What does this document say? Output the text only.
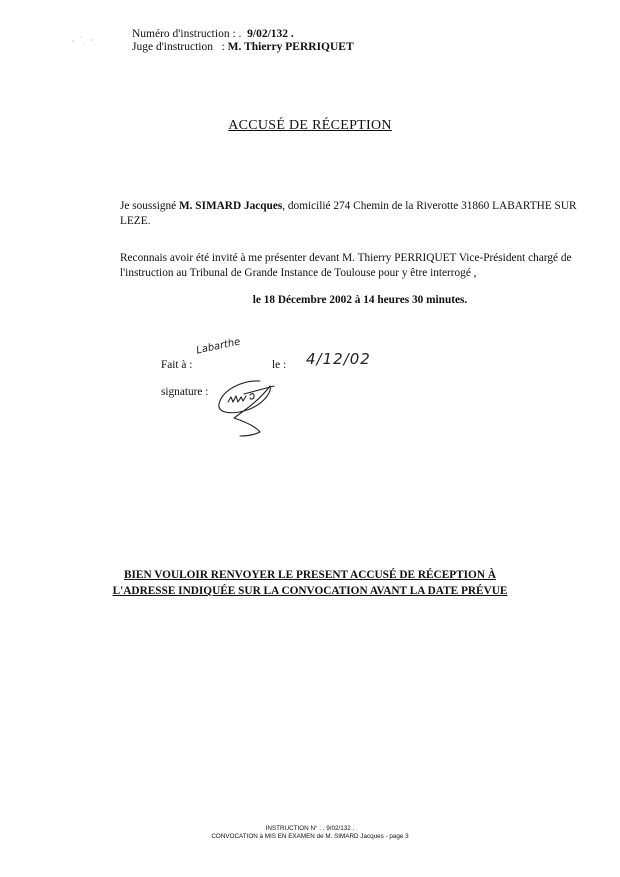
Numéro d'instruction : . 9/02/132 .
Juge d'instruction : M. Thierry PERRIQUET
ACCUSÉ DE RÉCEPTION
Je soussigné M. SIMARD Jacques, domicilié 274 Chemin de la Riverotte 31860 LABARTHE SUR
LEZE.
Reconnais avoir été invité à me présenter devant M. Thierry PERRIQUET Vice-Président chargé de
l'instruction au Tribunal de Grande Instance de Toulouse pour y être interrogé ,
le 18 Décembre 2002 à 14 heures 30 minutes.
Fait à :
Labarthe
le : 4/12/02
signature :
BIEN VOULOIR RENVOYER LE PRESENT ACCUSÉ DE RÉCEPTION À
L'ADRESSE INDIQUÉE SUR LA CONVOCATION AVANT LA DATE PRÉVUE
INSTRUCTION N° : . 9/02/132 .
CONVOCATION à MIS EN EXAMEN de M. SIMARD Jacques - page 3
